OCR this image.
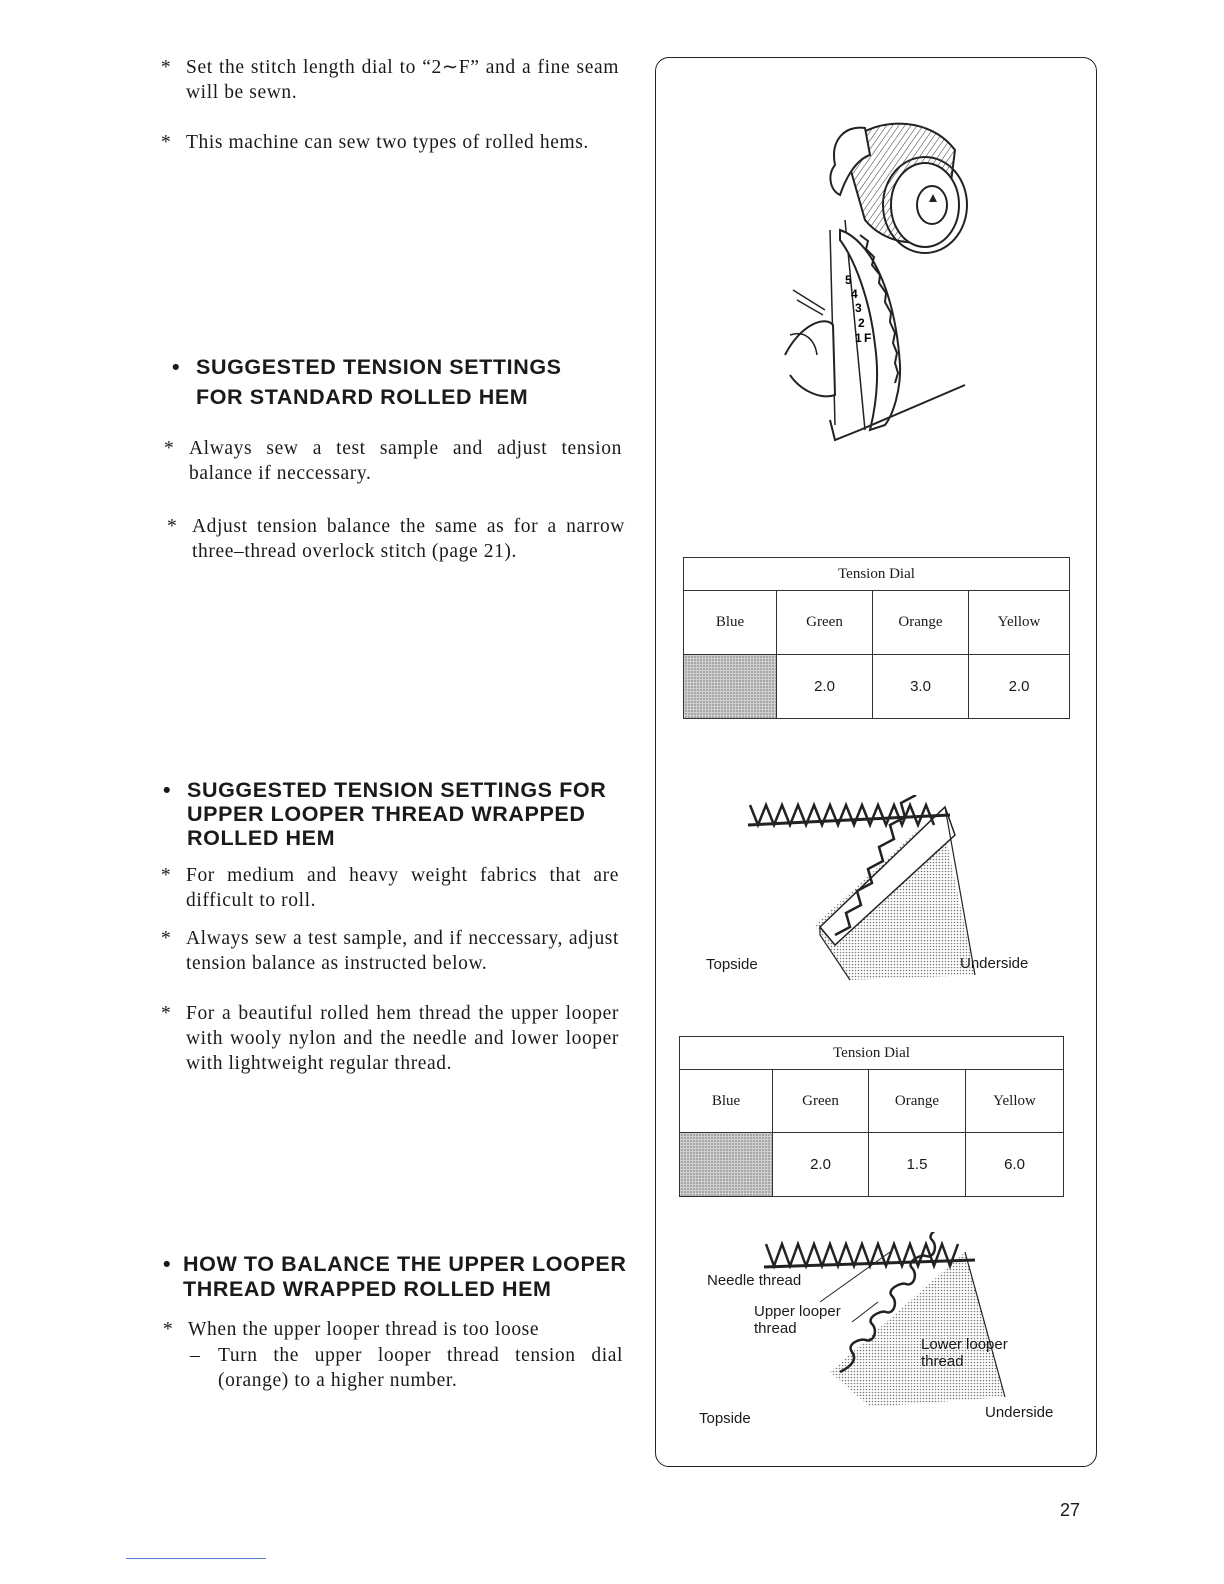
* Set the stitch length dial to “2∼F” and a fine seam will be sewn.
* This machine can sew two types of rolled hems.
• SUGGESTED TENSION SETTINGS
FOR STANDARD ROLLED HEM
* Always sew a test sample and adjust tension balance if neccessary.
* Adjust tension balance the same as for a narrow three–thread overlock stitch (page 21).
• SUGGESTED TENSION SETTINGS FOR
UPPER LOOPER THREAD WRAPPED
ROLLED HEM
* For medium and heavy weight fabrics that are difficult to roll.
* Always sew a test sample, and if neccessary, adjust tension balance as instructed below.
* For a beautiful rolled hem thread the upper looper with wooly nylon and the needle and lower looper with lightweight regular thread.
• HOW TO BALANCE THE UPPER LOOPER
THREAD WRAPPED ROLLED HEM
* When the upper looper thread is too loose
– Turn the upper looper thread tension dial (orange) to a higher number.
5
4
3
2
1 F
Tension Dial			
Blue	Green	Orange	Yellow
	2.0	3.0	2.0
Topside	Underside
Tension Dial			
Blue	Green	Orange	Yellow
	2.0	1.5	6.0
Needle thread
Upper looper
thread
Lower looper
thread
Topside	Underside
27
